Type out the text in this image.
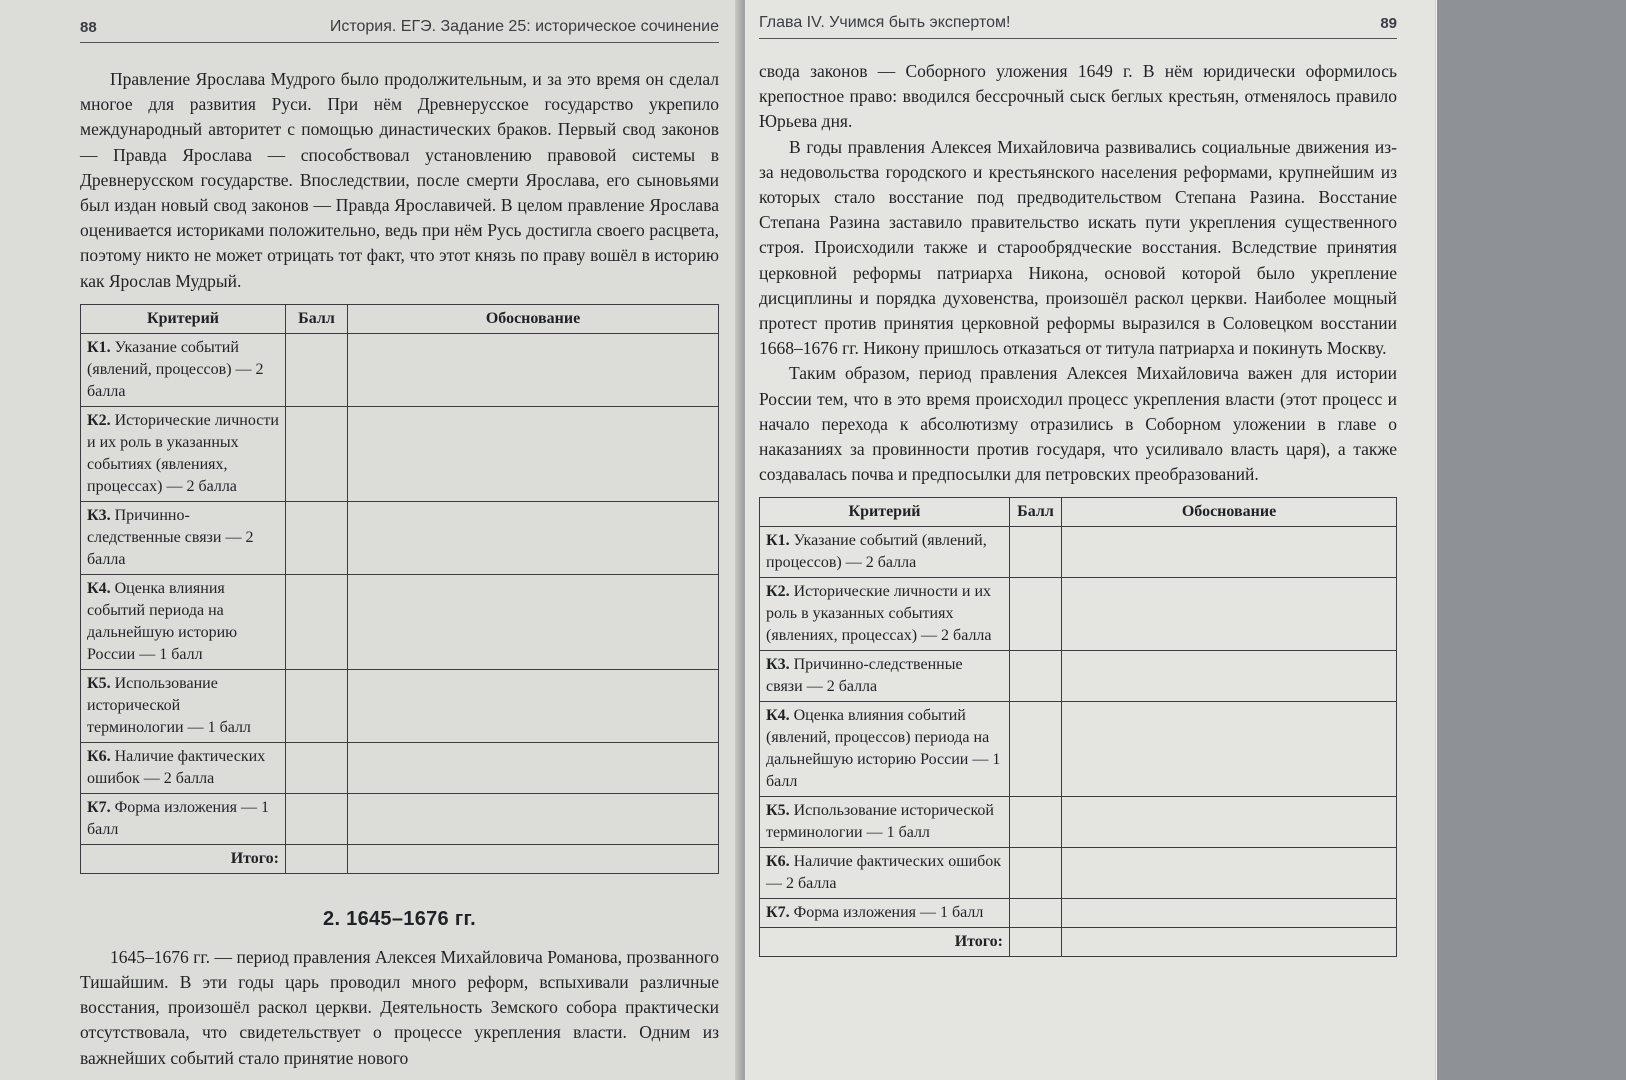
88	История. ЕГЭ. Задание 25: историческое сочинение

Правление Ярослава Мудрого было продолжительным, и за это время он сделал многое для развития Руси. При нём Древнерусское государство укрепило международный авторитет с помощью династических браков. Первый свод законов — Правда Ярослава — способствовал установлению правовой системы в Древнерусском государстве. Впоследствии, после смерти Ярослава, его сыновьями был издан новый свод законов — Правда Ярославичей. В целом правление Ярослава оценивается историками положительно, ведь при нём Русь достигла своего расцвета, поэтому никто не может отрицать тот факт, что этот князь по праву вошёл в историю как Ярослав Мудрый.

Критерий	Балл	Обоснование
К1. Указание событий (явлений, процессов) — 2 балла		
К2. Исторические личности и их роль в указанных событиях (явлениях, процессах) — 2 балла		
К3. Причинно-следственные связи — 2 балла		
К4. Оценка влияния событий периода на дальнейшую историю России — 1 балл		
К5. Использование исторической терминологии — 1 балл		
К6. Наличие фактических ошибок — 2 балла		
К7. Форма изложения — 1 балл		
Итого:		
2. 1645–1676 гг.

1645–1676 гг. — период правления Алексея Михайловича Романова, прозванного Тишайшим. В эти годы царь проводил много реформ, вспыхивали различные восстания, произошёл раскол церкви. Деятельность Земского собора практически отсутствовала, что свидетельствует о процессе укрепления власти. Одним из важнейших событий стало принятие нового

Глава IV. Учимся быть экспертом!	89

свода законов — Соборного уложения 1649 г. В нём юридически оформилось крепостное право: вводился бессрочный сыск беглых крестьян, отменялось правило Юрьева дня.

В годы правления Алексея Михайловича развивались социальные движения из-за недовольства городского и крестьянского населения реформами, крупнейшим из которых стало восстание под предводительством Степана Разина. Восстание Степана Разина заставило правительство искать пути укрепления существенного строя. Происходили также и старообрядческие восстания. Вследствие принятия церковной реформы патриарха Никона, основой которой было укрепление дисциплины и порядка духовенства, произошёл раскол церкви. Наиболее мощный протест против принятия церковной реформы выразился в Соловецком восстании 1668–1676 гг. Никону пришлось отказаться от титула патриарха и покинуть Москву.

Таким образом, период правления Алексея Михайловича важен для истории России тем, что в это время происходил процесс укрепления власти (этот процесс и начало перехода к абсолютизму отразились в Соборном уложении в главе о наказаниях за провинности против государя, что усиливало власть царя), а также создавалась почва и предпосылки для петровских преобразований.

Критерий	Балл	Обоснование
К1. Указание событий (явлений, процессов) — 2 балла		
К2. Исторические личности и их роль в указанных событиях (явлениях, процессах) — 2 балла		
К3. Причинно-следственные связи — 2 балла		
К4. Оценка влияния событий (явлений, процессов) периода на дальнейшую историю России — 1 балл		
К5. Использование исторической терминологии — 1 балл		
К6. Наличие фактических ошибок — 2 балла		
К7. Форма изложения — 1 балл		
Итого:		
